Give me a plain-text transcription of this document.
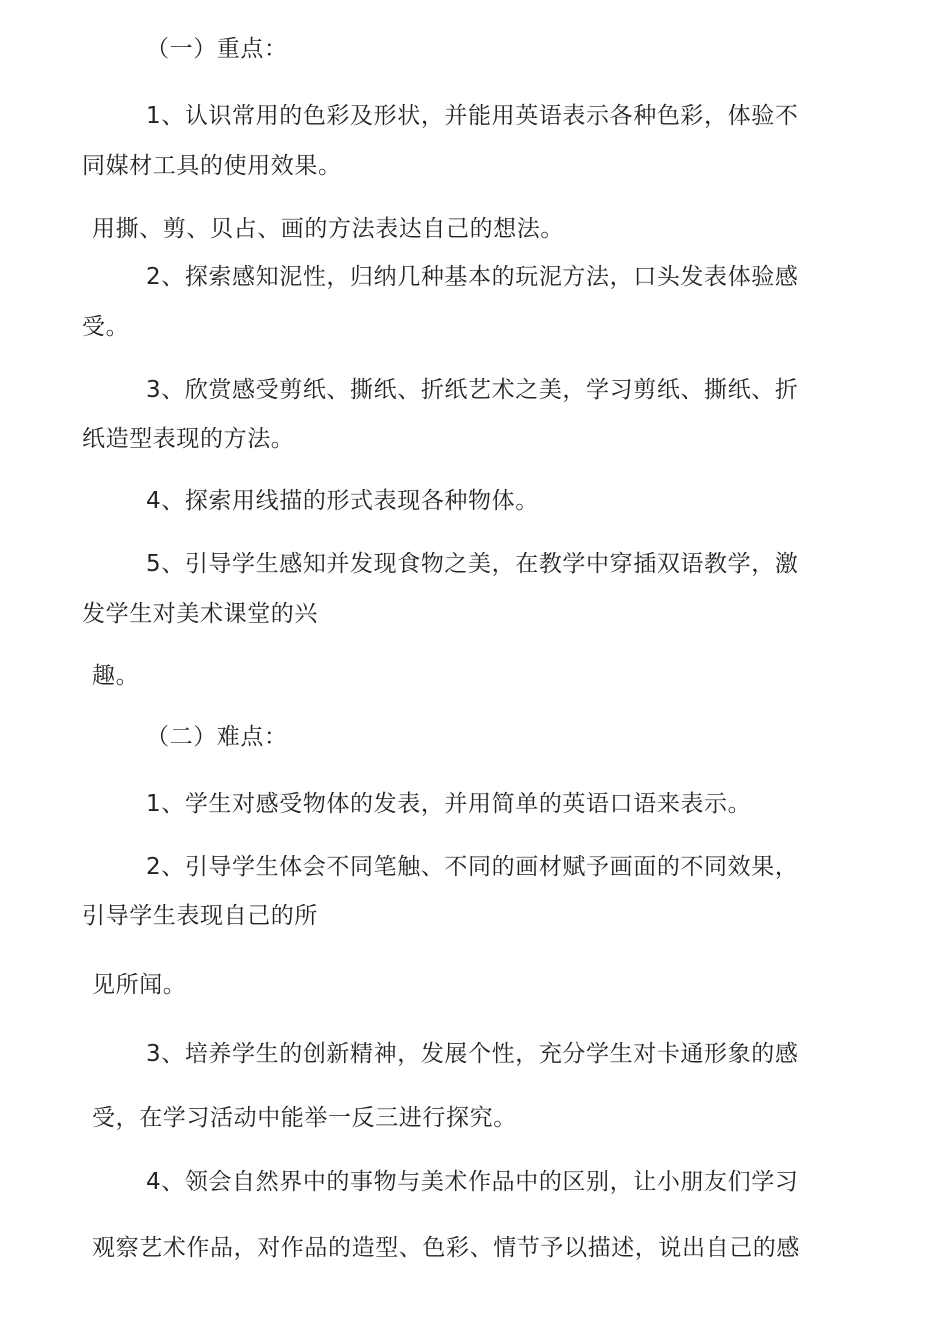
（一）重点：

1、认识常用的色彩及形状，并能用英语表示各种色彩，体验不

同媒材工具的使用效果。

用撕、剪、贝占、画的方法表达自己的想法。

2、探索感知泥性，归纳几种基本的玩泥方法，口头发表体验感

受。

3、欣赏感受剪纸、撕纸、折纸艺术之美，学习剪纸、撕纸、折

纸造型表现的方法。

4、探索用线描的形式表现各种物体。

5、引导学生感知并发现食物之美，在教学中穿插双语教学，激

发学生对美术课堂的兴

趣。

（二）难点：

1、学生对感受物体的发表，并用简单的英语口语来表示。

2、引导学生体会不同笔触、不同的画材赋予画面的不同效果，

引导学生表现自己的所

见所闻。

3、培养学生的创新精神，发展个性，充分学生对卡通形象的感

受，在学习活动中能举一反三进行探究。

4、领会自然界中的事物与美术作品中的区别，让小朋友们学习

观察艺术作品，对作品的造型、色彩、情节予以描述，说出自己的感
